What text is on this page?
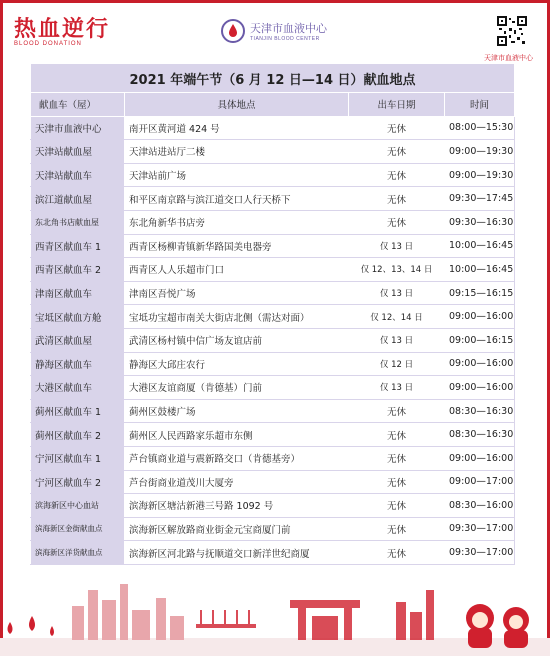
热血逆行
BLOOD DONATION
天津市血液中心
TIANJIN BLOOD CENTER
天津市血液中心
2021 年端午节（6 月 12 日—14 日）献血地点			
献血车（屋）	具体地点	出车日期	时间
天津市血液中心	南开区黄河道 424 号	无休	08:00—15:30
天津站献血屋	天津站进站厅二楼	无休	09:00—19:30
天津站献血车	天津站前广场	无休	09:00—19:30
滨江道献血屋	和平区南京路与滨江道交口人行天桥下	无休	09:30—17:45
东北角书店献血屋	东北角新华书店旁	无休	09:30—16:30
西青区献血车 1	西青区杨柳青镇新华路国美电器旁	仅 13 日	10:00—16:45
西青区献血车 2	西青区人人乐超市门口	仅 12、13、14 日	10:00—16:45
津南区献血车	津南区吾悦广场	仅 13 日	09:15—16:15
宝坻区献血方舱	宝坻功宝超市南关大街店北侧（需达对面）	仅 12、14 日	09:00—16:00
武清区献血屋	武清区杨村镇中信广场友谊店前	仅 13 日	09:00—16:15
静海区献血车	静海区大邱庄农行	仅 12 日	09:00—16:00
大港区献血车	大港区友谊商厦（肯德基）门前	仅 13 日	09:00—16:00
蓟州区献血车 1	蓟州区鼓楼广场	无休	08:30—16:30
蓟州区献血车 2	蓟州区人民西路家乐超市东侧	无休	08:30—16:30
宁河区献血车 1	芦台镇商业道与震新路交口（肯德基旁）	无休	09:00—16:00
宁河区献血车 2	芦台街商业道茂川大厦旁	无休	09:00—17:00
滨海新区中心血站	滨海新区塘沽新港三号路 1092 号	无休	08:30—16:00
滨海新区金街献血点	滨海新区解放路商业街金元宝商厦门前	无休	09:30—17:00
滨海新区洋货献血点	滨海新区河北路与抚顺道交口新洋世纪商厦	无休	09:30—17:00
